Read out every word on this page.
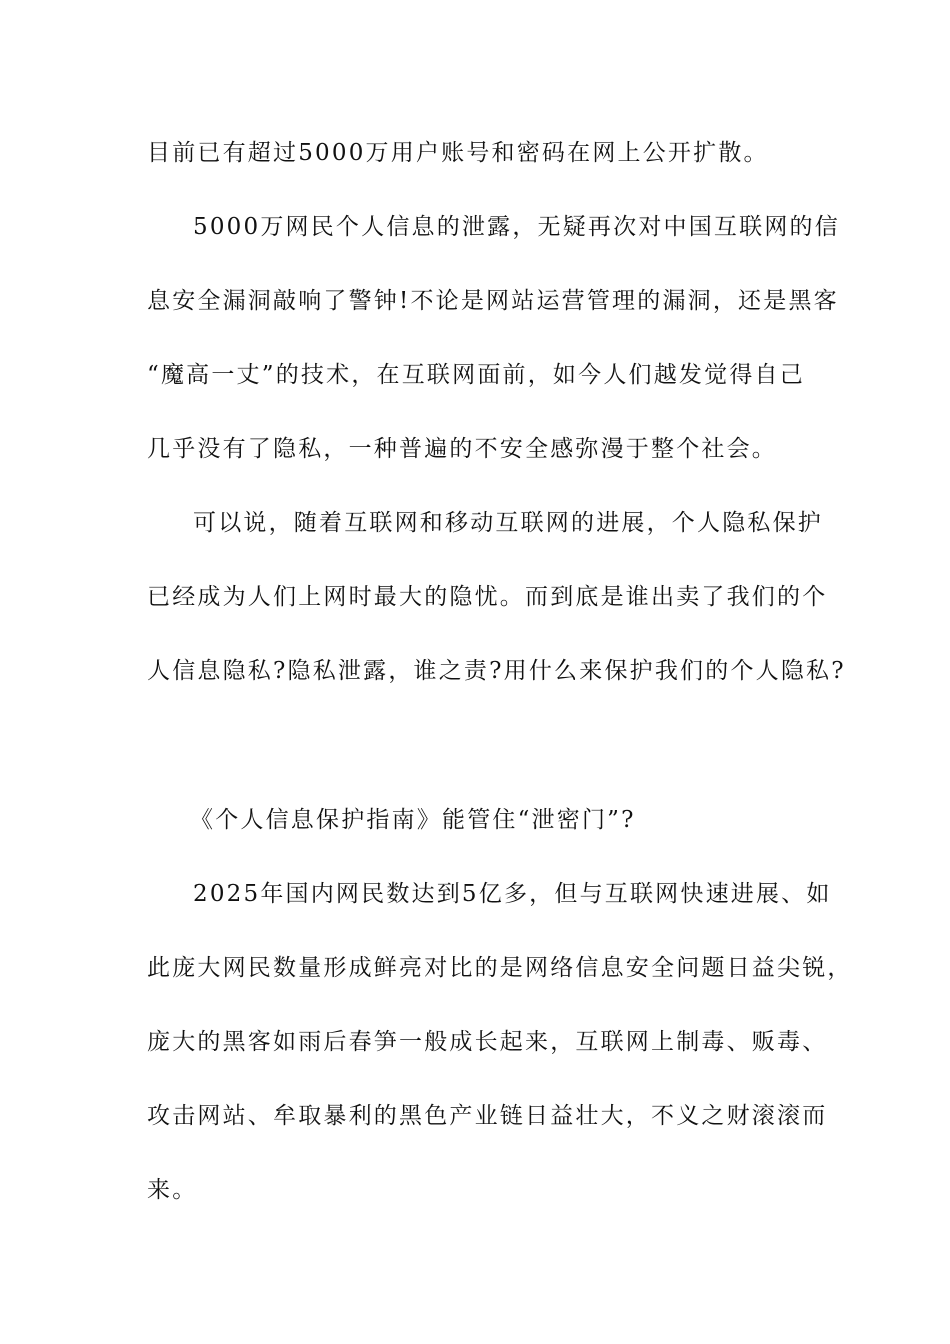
目前已有超过5000万用户账号和密码在网上公开扩散。
5000万网民个人信息的泄露，无疑再次对中国互联网的信
息安全漏洞敲响了警钟!不论是网站运营管理的漏洞，还是黑客
“魔高一丈”的技术，在互联网面前，如今人们越发觉得自己
几乎没有了隐私，一种普遍的不安全感弥漫于整个社会。
可以说，随着互联网和移动互联网的进展，个人隐私保护
已经成为人们上网时最大的隐忧。而到底是谁出卖了我们的个
人信息隐私?隐私泄露，谁之责?用什么来保护我们的个人隐私?
《个人信息保护指南》能管住“泄密门”?
2025年国内网民数达到5亿多，但与互联网快速进展、如
此庞大网民数量形成鲜亮对比的是网络信息安全问题日益尖锐，
庞大的黑客如雨后春笋一般成长起来，互联网上制毒、贩毒、
攻击网站、牟取暴利的黑色产业链日益壮大，不义之财滚滚而
来。
